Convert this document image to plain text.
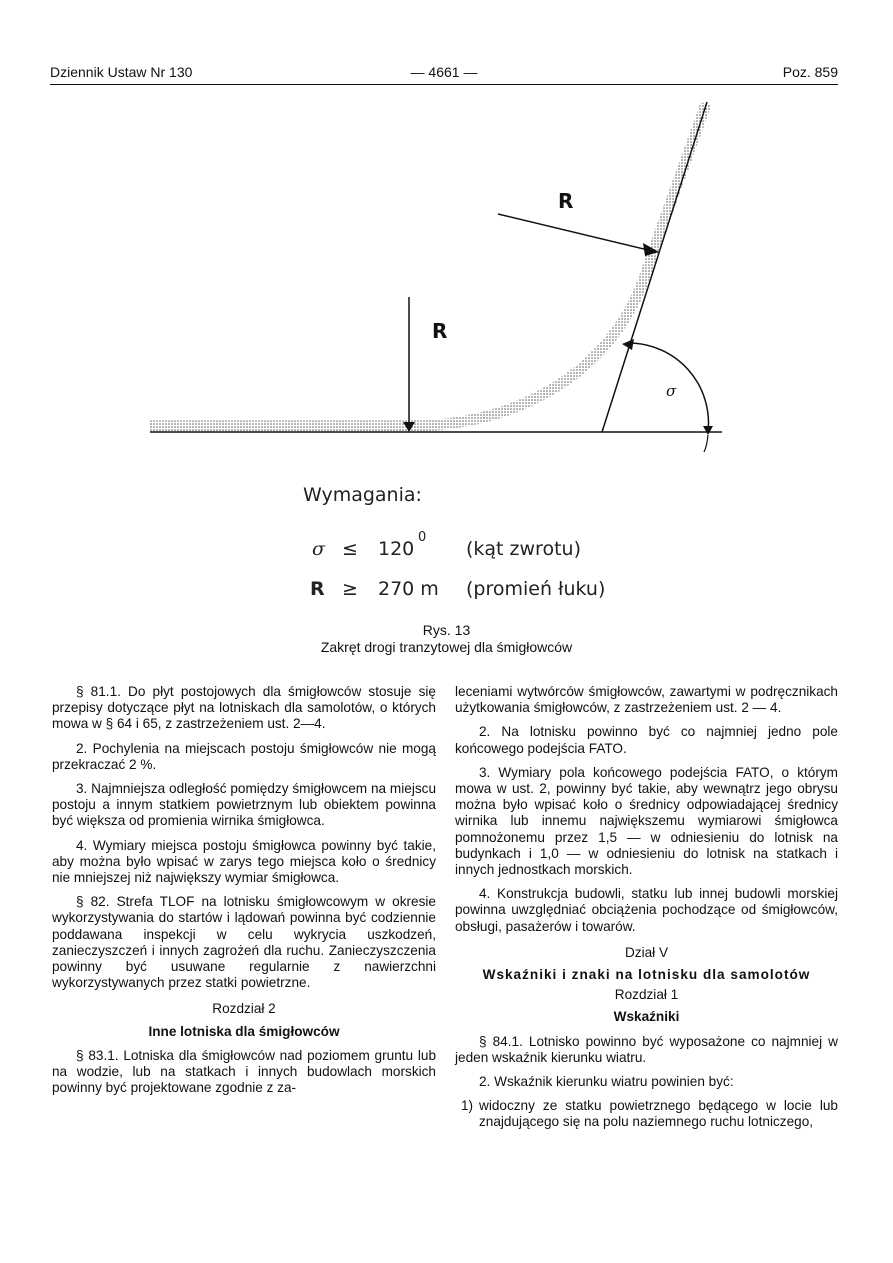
— 4661 —
Dziennik Ustaw Nr 130	Poz. 859
R
R
σ
Wymagania:
σ ≤ 120
0
(kąt zwrotu)
R ≥ 270 m (promień łuku)
Rys. 13
Zakręt drogi tranzytowej dla śmigłowców

§ 81.1. Do płyt postojowych dla śmigłowców stosuje się przepisy dotyczące płyt na lotniskach dla samolotów, o których mowa w § 64 i 65, z zastrzeżeniem ust. 2—4.

2. Pochylenia na miejscach postoju śmigłowców nie mogą przekraczać 2 %.

3. Najmniejsza odległość pomiędzy śmigłowcem na miejscu postoju a innym statkiem powietrznym lub obiektem powinna być większa od promienia wirnika śmigłowca.

4. Wymiary miejsca postoju śmigłowca powinny być takie, aby można było wpisać w zarys tego miejsca koło o średnicy nie mniejszej niż największy wymiar śmigłowca.

§ 82. Strefa TLOF na lotnisku śmigłowcowym w okresie wykorzystywania do startów i lądowań powinna być codziennie poddawana inspekcji w celu wykrycia uszkodzeń, zanieczyszczeń i innych zagrożeń dla ruchu. Zanieczyszczenia powinny być usuwane regularnie z nawierzchni wykorzystywanych przez statki powietrzne.

Rozdział 2
Inne lotniska dla śmigłowców

§ 83.1. Lotniska dla śmigłowców nad poziomem gruntu lub na wodzie, lub na statkach i innych budowlach morskich powinny być projektowane zgodnie z za-

leceniami wytwórców śmigłowców, zawartymi w podręcznikach użytkowania śmigłowców, z zastrzeżeniem ust. 2 — 4.

2. Na lotnisku powinno być co najmniej jedno pole końcowego podejścia FATO.

3. Wymiary pola końcowego podejścia FATO, o którym mowa w ust. 2, powinny być takie, aby wewnątrz jego obrysu można było wpisać koło o średnicy odpowiadającej średnicy wirnika lub innemu największemu wymiarowi śmigłowca pomnożonemu przez 1,5 — w odniesieniu do lotnisk na budynkach i 1,0 — w odniesieniu do lotnisk na statkach i innych jednostkach morskich.

4. Konstrukcja budowli, statku lub innej budowli morskiej powinna uwzględniać obciążenia pochodzące od śmigłowców, obsługi, pasażerów i towarów.

Dział V
Wskaźniki i znaki na lotnisku dla samolotów
Rozdział 1
Wskaźniki

§ 84.1. Lotnisko powinno być wyposażone co najmniej w jeden wskaźnik kierunku wiatru.

2. Wskaźnik kierunku wiatru powinien być:

1) widoczny ze statku powietrznego będącego w locie lub znajdującego się na polu naziemnego ruchu lotniczego,
